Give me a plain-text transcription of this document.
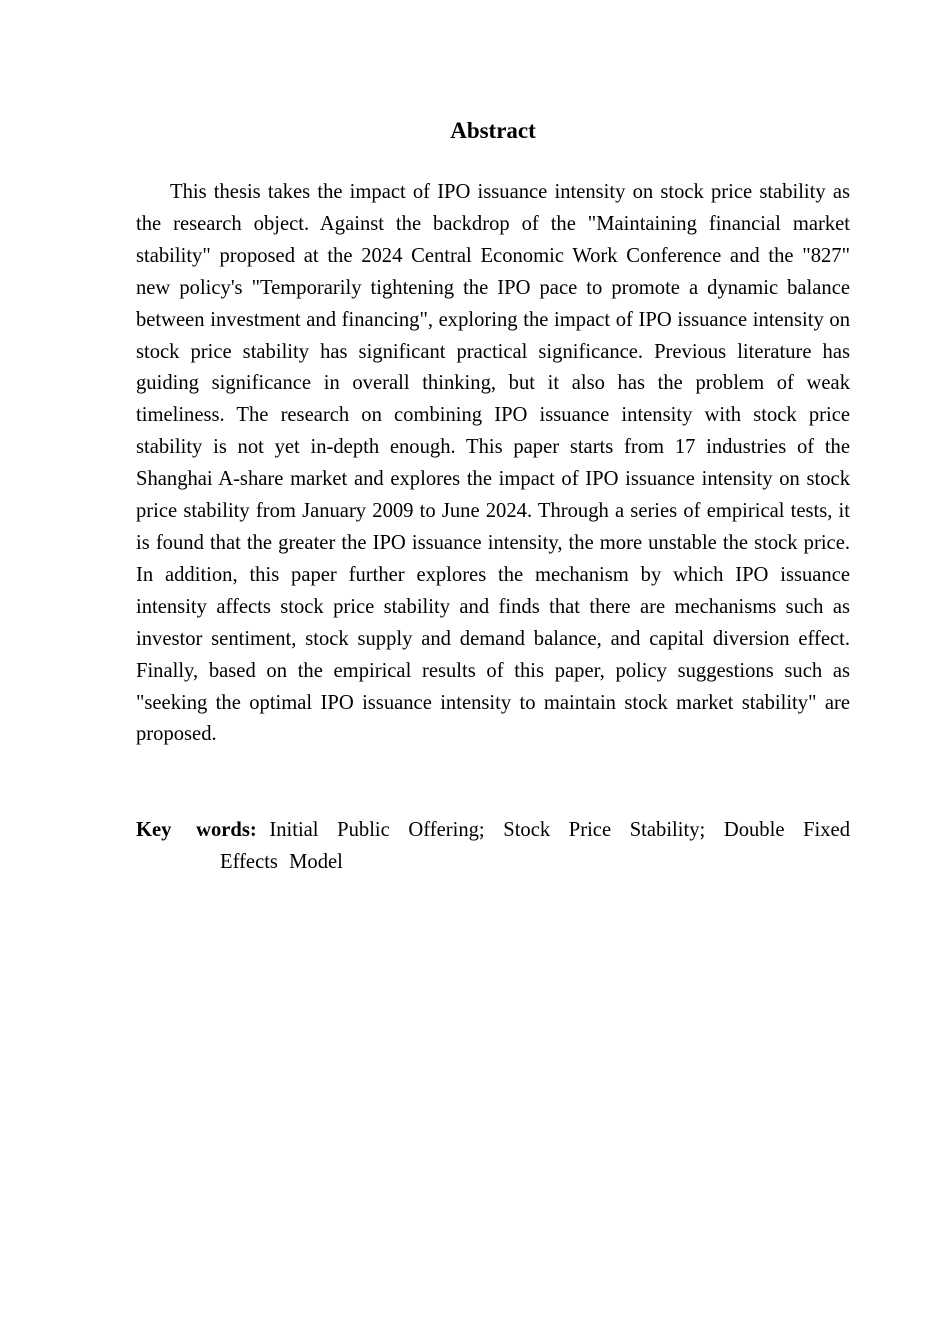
Abstract

This thesis takes the impact of IPO issuance intensity on stock price stability as the research object. Against the backdrop of the "Maintaining financial market stability" proposed at the 2024 Central Economic Work Conference and the "827" new policy's "Temporarily tightening the IPO pace to promote a dynamic balance between investment and financing", exploring the impact of IPO issuance intensity on stock price stability has significant practical significance. Previous literature has guiding significance in overall thinking, but it also has the problem of weak timeliness. The research on combining IPO issuance intensity with stock price stability is not yet in-depth enough. This paper starts from 17 industries of the Shanghai A-share market and explores the impact of IPO issuance intensity on stock price stability from January 2009 to June 2024. Through a series of empirical tests, it is found that the greater the IPO issuance intensity, the more unstable the stock price. In addition, this paper further explores the mechanism by which IPO issuance intensity affects stock price stability and finds that there are mechanisms such as investor sentiment, stock supply and demand balance, and capital diversion effect. Finally, based on the empirical results of this paper, policy suggestions such as "seeking the optimal IPO issuance intensity to maintain stock market stability" are proposed.

Key words: Initial Public Offering; Stock Price Stability; Double Fixed Effects Model
